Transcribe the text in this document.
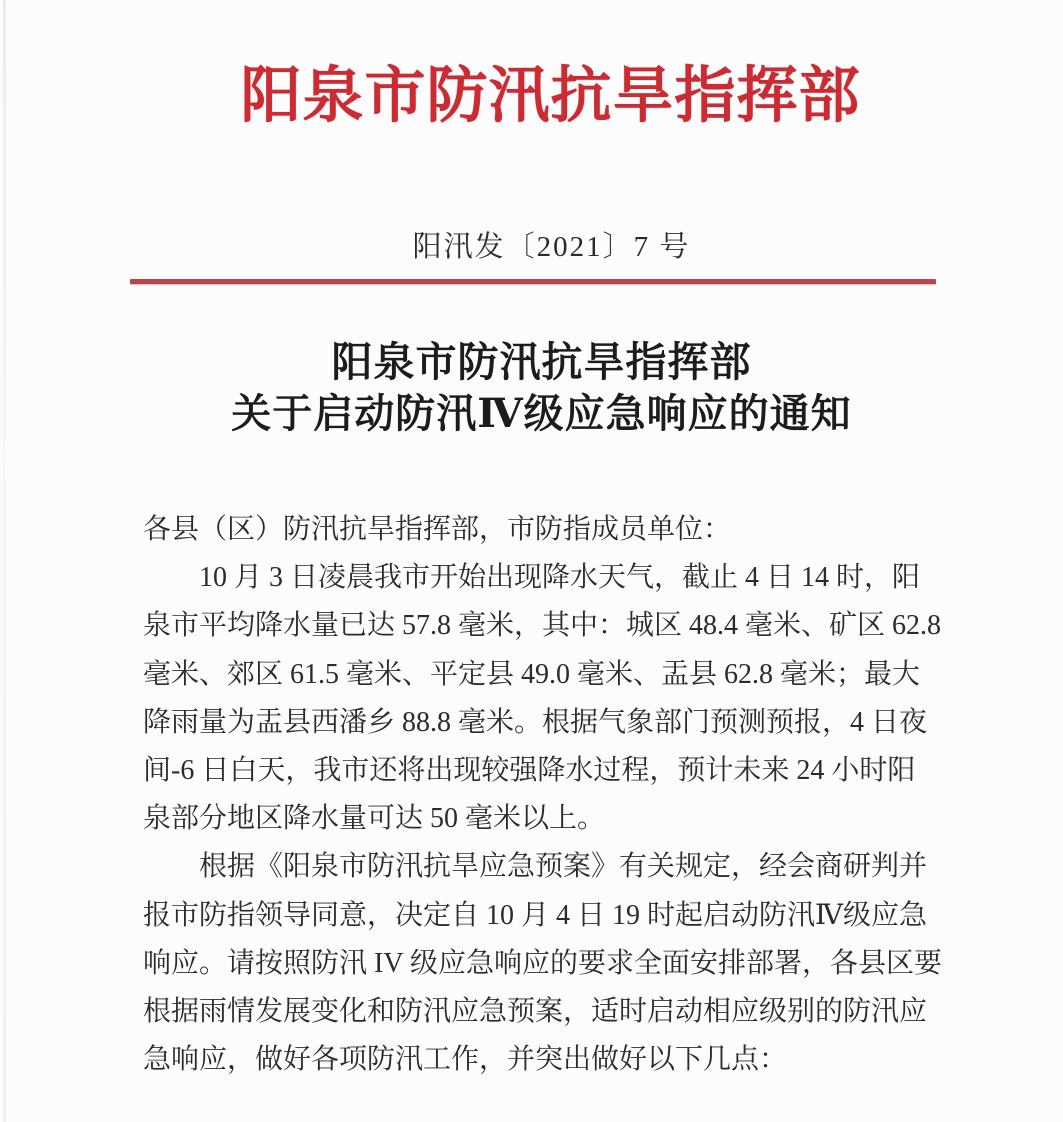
阳泉市防汛抗旱指挥部
阳汛发〔2021〕7 号
阳泉市防汛抗旱指挥部
关于启动防汛Ⅳ级应急响应的通知
各县（区）防汛抗旱指挥部，市防指成员单位：
10 月 3 日凌晨我市开始出现降水天气，截止 4 日 14 时，阳
泉市平均降水量已达 57.8 毫米，其中：城区 48.4 毫米、矿区 62.8
毫米、郊区 61.5 毫米、平定县 49.0 毫米、盂县 62.8 毫米；最大
降雨量为盂县西潘乡 88.8 毫米。根据气象部门预测预报，4 日夜
间-6 日白天，我市还将出现较强降水过程，预计未来 24 小时阳
泉部分地区降水量可达 50 毫米以上。
根据《阳泉市防汛抗旱应急预案》有关规定，经会商研判并
报市防指领导同意，决定自 10 月 4 日 19 时起启动防汛Ⅳ级应急
响应。请按照防汛 IV 级应急响应的要求全面安排部署，各县区要
根据雨情发展变化和防汛应急预案，适时启动相应级别的防汛应
急响应，做好各项防汛工作，并突出做好以下几点：
